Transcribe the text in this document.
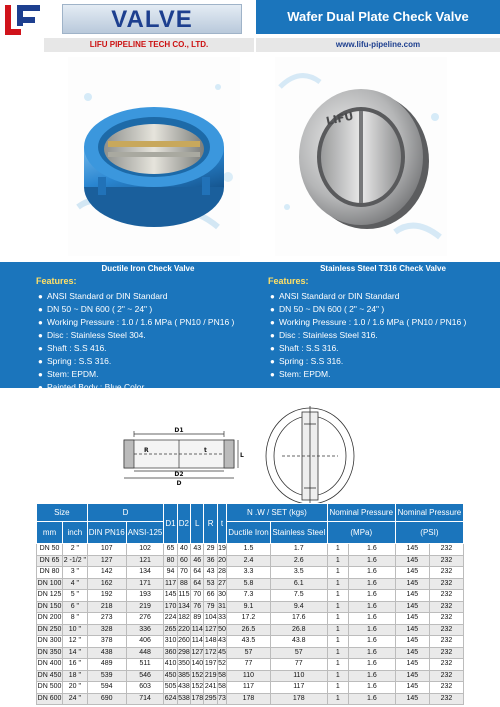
VALVE
LIFU PIPELINE TECH CO., LTD.
Wafer Dual Plate Check Valve
www.lifu-pipeline.com
LIFU
Ductile Iron Check Valve
Features:
● ANSI Standard or DIN Standard
● DN 50 ~ DN 600 ( 2" ~ 24" )
● Working Pressure : 1.0 / 1.6 MPa ( PN10 / PN16 )
● Disc : Stainless Steel 304.
● Shaft : S.S 416.
● Spring : S.S 316.
● Stem: EPDM.
● Painted Body : Blue Color.
Stainless Steel T316 Check Valve
Features:
● ANSI Standard or DIN Standard
● DN 50 ~ DN 600 ( 2" ~ 24" )
● Working Pressure : 1.0 / 1.6 MPa ( PN10 / PN16 )
● Disc : Stainless Steel 316.
● Shaft : S.S 316.
● Spring : S.S 316.
● Stem: EPDM.
D1
D2
D
R	t
L
Size		D		D1	D2	L	R	t	N .W / SET (kgs)		Nominal Pressure		Nominal Pressure	
mm	inch	DIN PN16	ANSI-125						Ductile Iron	Stainless Steel	(MPa)		(PSI)	

DN 50	2 "	107	102	65	40	43	29	19	1.5	1.7	1	1.6	145	232
DN 65	2 -1/2 "	127	121	80	60	46	36	20	2.4	2.6	1	1.6	145	232
DN 80	3 "	142	134	94	70	64	43	28	3.3	3.5	1	1.6	145	232
DN 100	4 "	162	171	117	88	64	53	27	5.8	6.1	1	1.6	145	232
DN 125	5 "	192	193	145	115	70	66	30	7.3	7.5	1	1.6	145	232
DN 150	6 "	218	219	170	134	76	79	31	9.1	9.4	1	1.6	145	232
DN 200	8 "	273	276	224	182	89	104	33	17.2	17.6	1	1.6	145	232
DN 250	10 "	328	336	265	220	114	127	50	26.5	26.8	1	1.6	145	232
DN 300	12 "	378	406	310	260	114	148	43	43.5	43.8	1	1.6	145	232
DN 350	14 "	438	448	360	298	127	172	45	57	57	1	1.6	145	232
DN 400	16 "	489	511	410	350	140	197	52	77	77	1	1.6	145	232
DN 450	18 "	539	546	450	385	152	219	58	110	110	1	1.6	145	232
DN 500	20 "	594	603	505	438	152	241	58	117	117	1	1.6	145	232
DN 600	24 "	690	714	624	538	178	295	73	178	178	1	1.6	145	232
